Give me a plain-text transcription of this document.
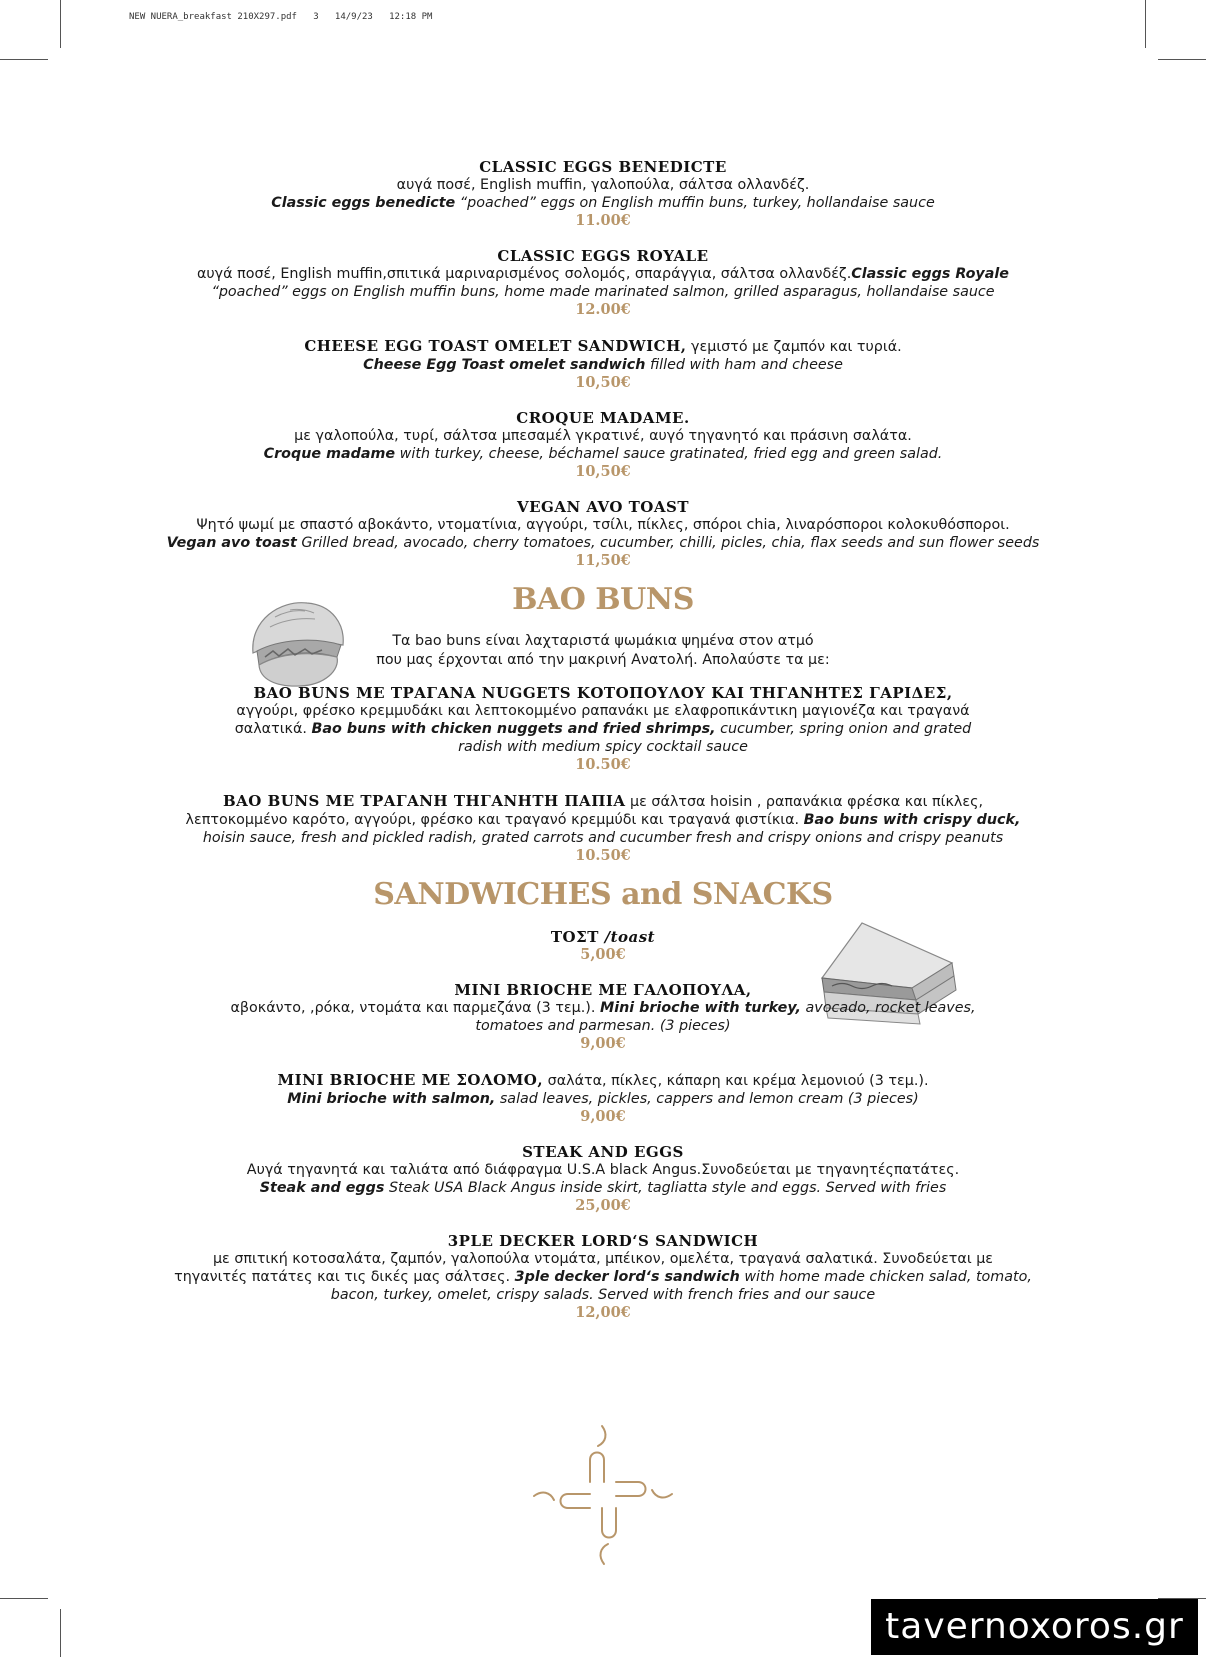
NEW NUERA_breakfast 210X297.pdf   3   14/9/23   12:18 PM
CLASSIC EGGS BENEDICTE
αυγά ποσέ, English muffin, γαλοπούλα, σάλτσα ολλανδέζ.
Classic eggs benedicte “poached” eggs on English muffin buns, turkey, hollandaise sauce
11.00€
CLASSIC EGGS ROYALE
αυγά ποσέ, English muffin,σπιτικά μαριναρισμένος σολομός, σπαράγγια, σάλτσα ολλανδέζ.Classic eggs Royale
“poached” eggs on English muffin buns, home made marinated salmon, grilled asparagus, hollandaise sauce
12.00€
CHEESE EGG TOAST OMELET SANDWICH, γεμιστό με ζαμπόν και τυριά.
Cheese Egg Toast omelet sandwich filled with ham and cheese
10,50€
CROQUE MADAME.
με γαλοπούλα, τυρί, σάλτσα μπεσαμέλ γκρατινέ, αυγό τηγανητό και πράσινη σαλάτα.
Croque madame with turkey, cheese, béchamel sauce gratinated, fried egg and green salad.
10,50€
VEGAN AVO TOAST
Ψητό ψωμί με σπαστό αβοκάντο, ντοματίνια, αγγούρι, τσίλι, πίκλες, σπόροι chia, λιναρόσποροι κολοκυθόσποροι.
Vegan avo toast Grilled bread, avocado, cherry tomatoes, cucumber, chilli, picles, chia, flax seeds and sun flower seeds
11,50€
BAO BUNS
Τα bao buns είναι λαχταριστά ψωμάκια ψημένα στον ατμό
που μας έρχονται από την μακρινή Ανατολή. Απολαύστε τα με:
BAO BUNS ΜΕ ΤΡΑΓΑΝΑ NUGGETS ΚΟΤΟΠΟΥΛΟΥ ΚΑΙ ΤΗΓΑΝΗΤΕΣ ΓΑΡΙΔΕΣ,
αγγούρι, φρέσκο κρεμμυδάκι και λεπτοκομμένο ραπανάκι με ελαφροπικάντικη μαγιονέζα και τραγανά
σαλατικά. Bao buns with chicken nuggets and fried shrimps, cucumber, spring onion and grated
radish with medium spicy cocktail sauce
10.50€
BAO BUNS ΜΕ ΤΡΑΓΑΝΗ ΤΗΓΑΝΗΤΗ ΠΑΠΙΑ με σάλτσα hoisin , ραπανάκια φρέσκα και πίκλες,
λεπτοκομμένο καρότο, αγγούρι, φρέσκο και τραγανό κρεμμύδι και τραγανά φιστίκια. Bao buns with crispy duck,
hoisin sauce, fresh and pickled radish, grated carrots and cucumber fresh and crispy onions and crispy peanuts
10.50€
SANDWICHES and SNACKS
ΤΟΣΤ /toast
5,00€
MINI BRIOCHE ΜΕ ΓΑΛΟΠΟΥΛΑ,
αβοκάντο, ,ρόκα, ντομάτα και παρμεζάνα (3 τεμ.). Mini brioche with turkey, avocado, rocket leaves,
tomatoes and parmesan. (3 pieces)
9,00€
MINI BRIOCHE ΜΕ ΣΟΛΟΜΟ, σαλάτα, πίκλες, κάπαρη και κρέμα λεμονιού (3 τεμ.).
Mini brioche with salmon, salad leaves, pickles, cappers and lemon cream (3 pieces)
9,00€
STEAK AND EGGS
Αυγά τηγανητά και ταλιάτα από διάφραγμα U.S.A black Angus.Συνοδεύεται με τηγανητέςπατάτες.
Steak and eggs Steak USA Black Angus inside skirt, tagliatta style and eggs. Served with fries
25,00€
3PLE DECKER LORD‘S SANDWICH
με σπιτική κοτοσαλάτα, ζαμπόν, γαλοπούλα ντομάτα, μπέικον, ομελέτα, τραγανά σαλατικά. Συνοδεύεται με
τηγανιτές πατάτες και τις δικές μας σάλτσες. 3ple decker lord‘s sandwich with home made chicken salad, tomato,
bacon, turkey, omelet, crispy salads. Served with french fries and our sauce
12,00€
tavernoxoros.gr
